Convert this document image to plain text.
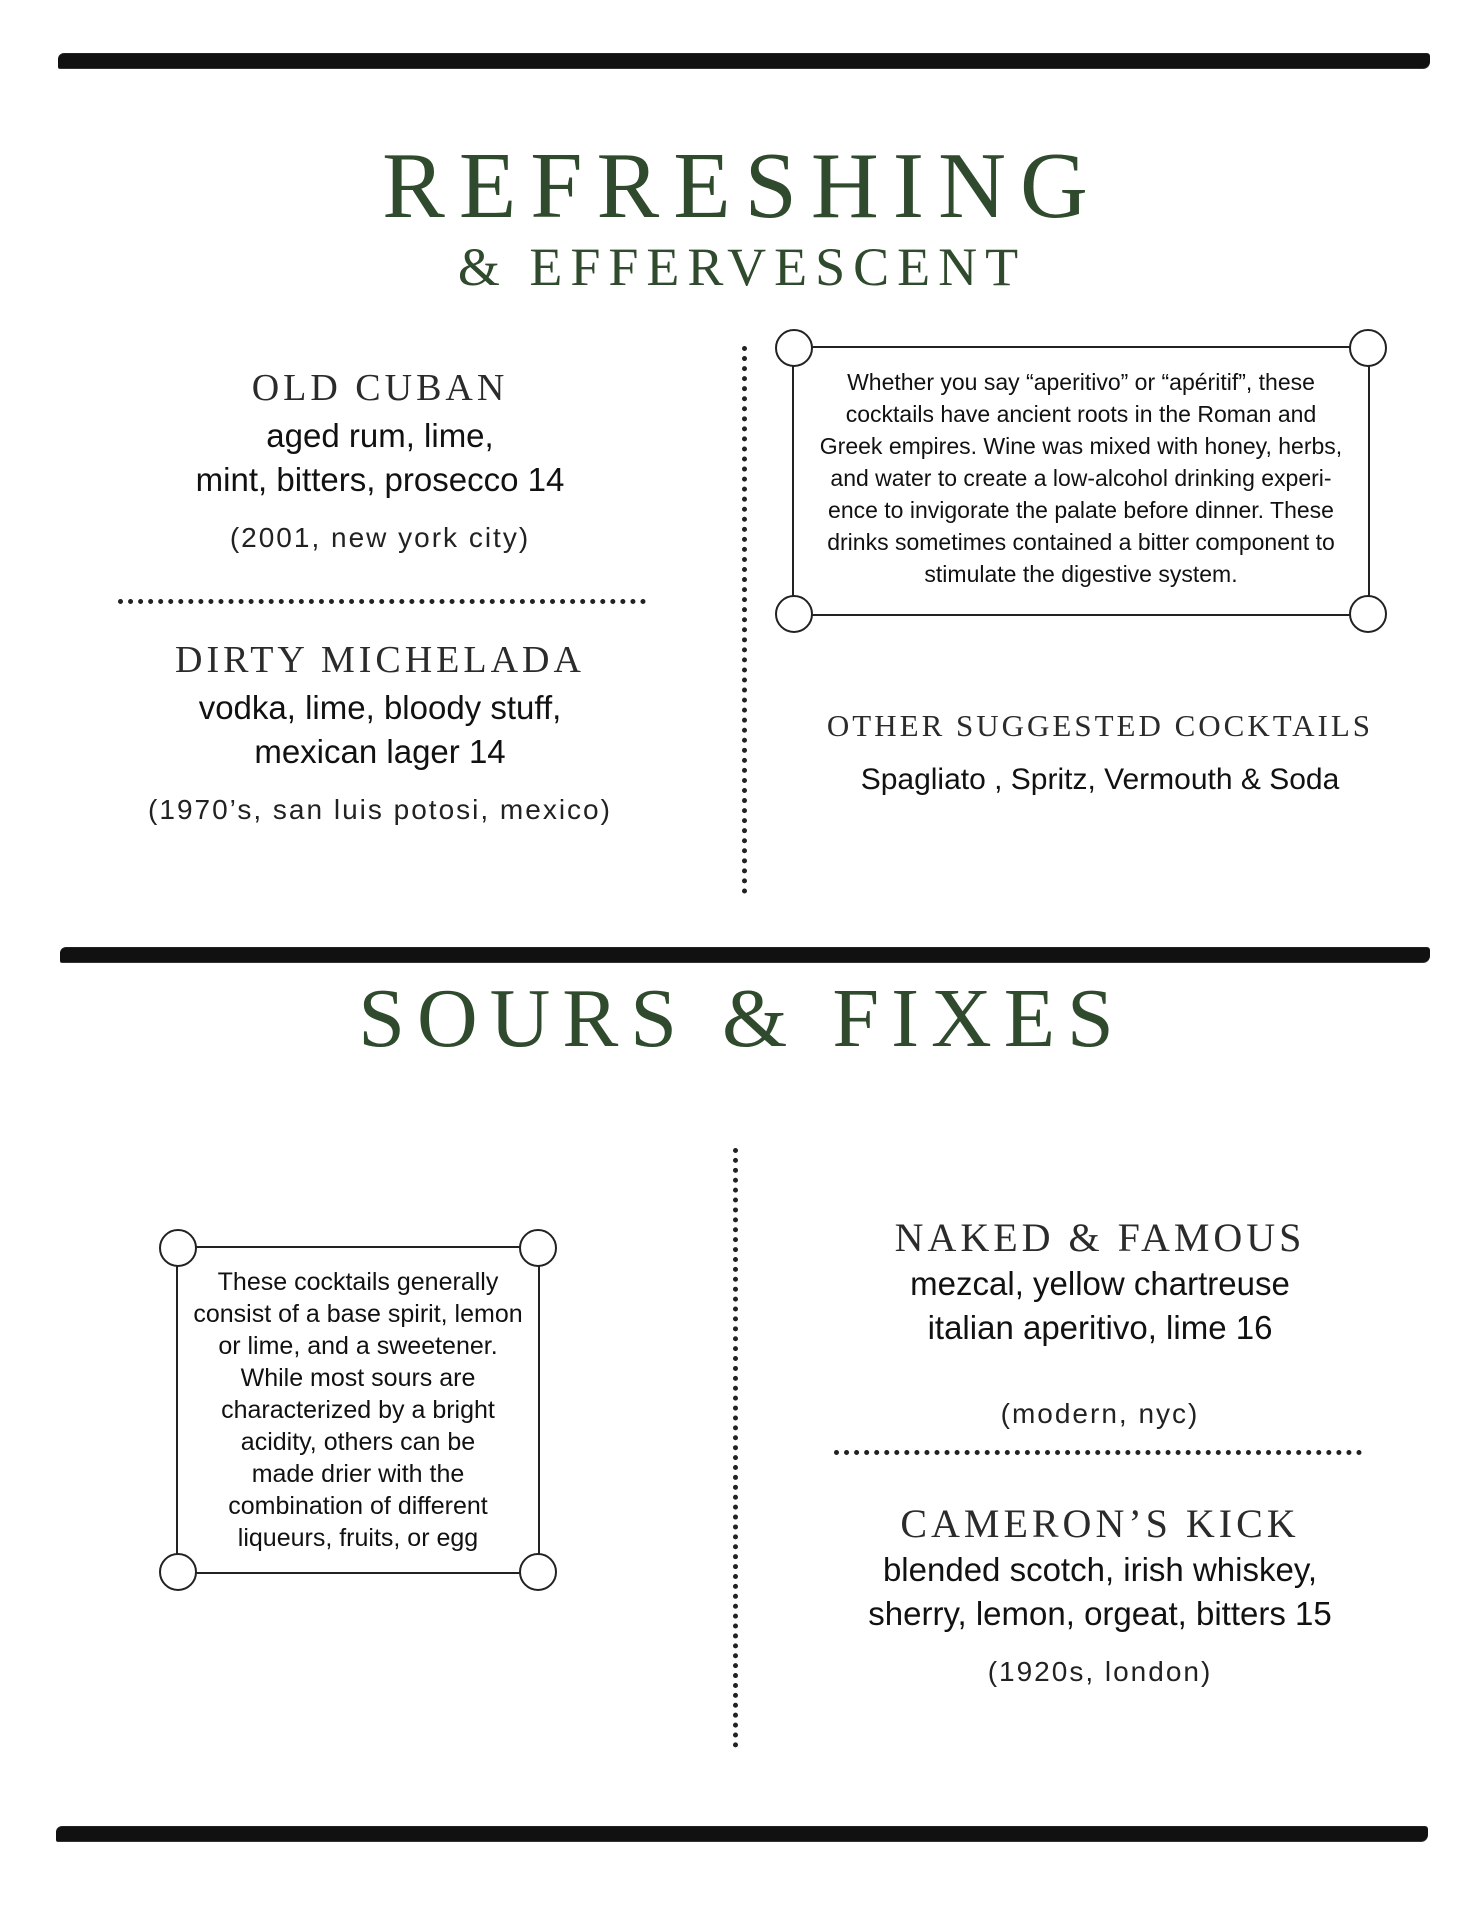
REFRESHING
& EFFERVESCENT
OLD CUBAN
aged rum, lime,
mint, bitters, prosecco 14
(2001, new york city)
DIRTY MICHELADA
vodka, lime, bloody stuff,
mexican lager 14
(1970’s, san luis potosi, mexico)
Whether you say “aperitivo” or “apéritif”, these
cocktails have ancient roots in the Roman and
Greek empires. Wine was mixed with honey, herbs,
and water to create a low-alcohol drinking experi-
ence to invigorate the palate before dinner. These
drinks sometimes contained a bitter component to
stimulate the digestive system.
OTHER SUGGESTED COCKTAILS
Spagliato , Spritz, Vermouth & Soda
SOURS & FIXES
These cocktails generally
consist of a base spirit, lemon
or lime, and a sweetener.
While most sours are
characterized by a bright
acidity, others can be
made drier with the
combination of different
liqueurs, fruits, or egg
NAKED & FAMOUS
mezcal, yellow chartreuse
italian aperitivo, lime 16
(modern, nyc)
CAMERON’S KICK
blended scotch, irish whiskey,
sherry, lemon, orgeat, bitters 15
(1920s, london)
